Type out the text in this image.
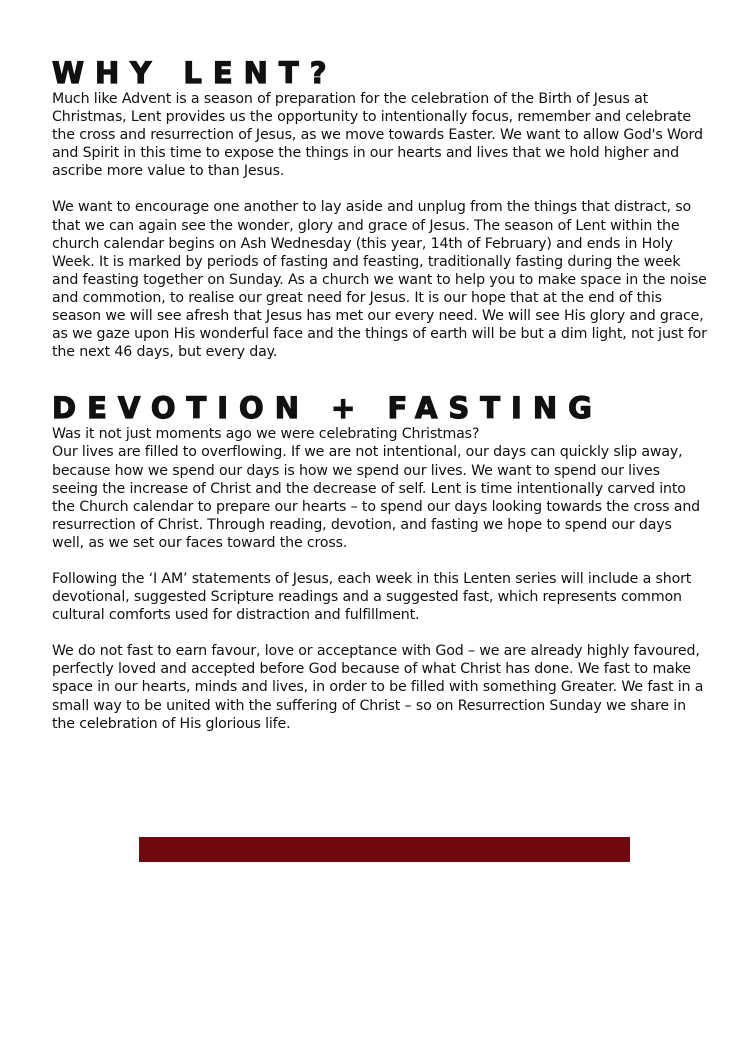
WHY LENT?

Much like Advent is a season of preparation for the celebration of the Birth of Jesus at Christmas, Lent provides us the opportunity to intentionally focus, remember and celebrate the cross and resurrection of Jesus, as we move towards Easter. We want to allow God's Word and Spirit in this time to expose the things in our hearts and lives that we hold higher and ascribe more value to than Jesus.

We want to encourage one another to lay aside and unplug from the things that distract, so that we can again see the wonder, glory and grace of Jesus. The season of Lent within the church calendar begins on Ash Wednesday (this year, 14th of February) and ends in Holy Week. It is marked by periods of fasting and feasting, traditionally fasting during the week and feasting together on Sunday. As a church we want to help you to make space in the noise and commotion, to realise our great need for Jesus. It is our hope that at the end of this season we will see afresh that Jesus has met our every need. We will see His glory and grace, as we gaze upon His wonderful face and the things of earth will be but a dim light, not just for the next 46 days, but every day.

DEVOTION + FASTING

Was it not just moments ago we were celebrating Christmas?
Our lives are filled to overflowing. If we are not intentional, our days can quickly slip away, because how we spend our days is how we spend our lives. We want to spend our lives seeing the increase of Christ and the decrease of self. Lent is time intentionally carved into the Church calendar to prepare our hearts – to spend our days looking towards the cross and resurrection of Christ. Through reading, devotion, and fasting we hope to spend our days well, as we set our faces toward the cross.

Following the ‘I AM’ statements of Jesus, each week in this Lenten series will include a short devotional, suggested Scripture readings and a suggested fast, which represents common cultural comforts used for distraction and fulfillment.

We do not fast to earn favour, love or acceptance with God – we are already highly favoured, perfectly loved and accepted before God because of what Christ has done. We fast to make space in our hearts, minds and lives, in order to be filled with something Greater. We fast in a small way to be united with the suffering of Christ – so on Resurrection Sunday we share in the celebration of His glorious life.
